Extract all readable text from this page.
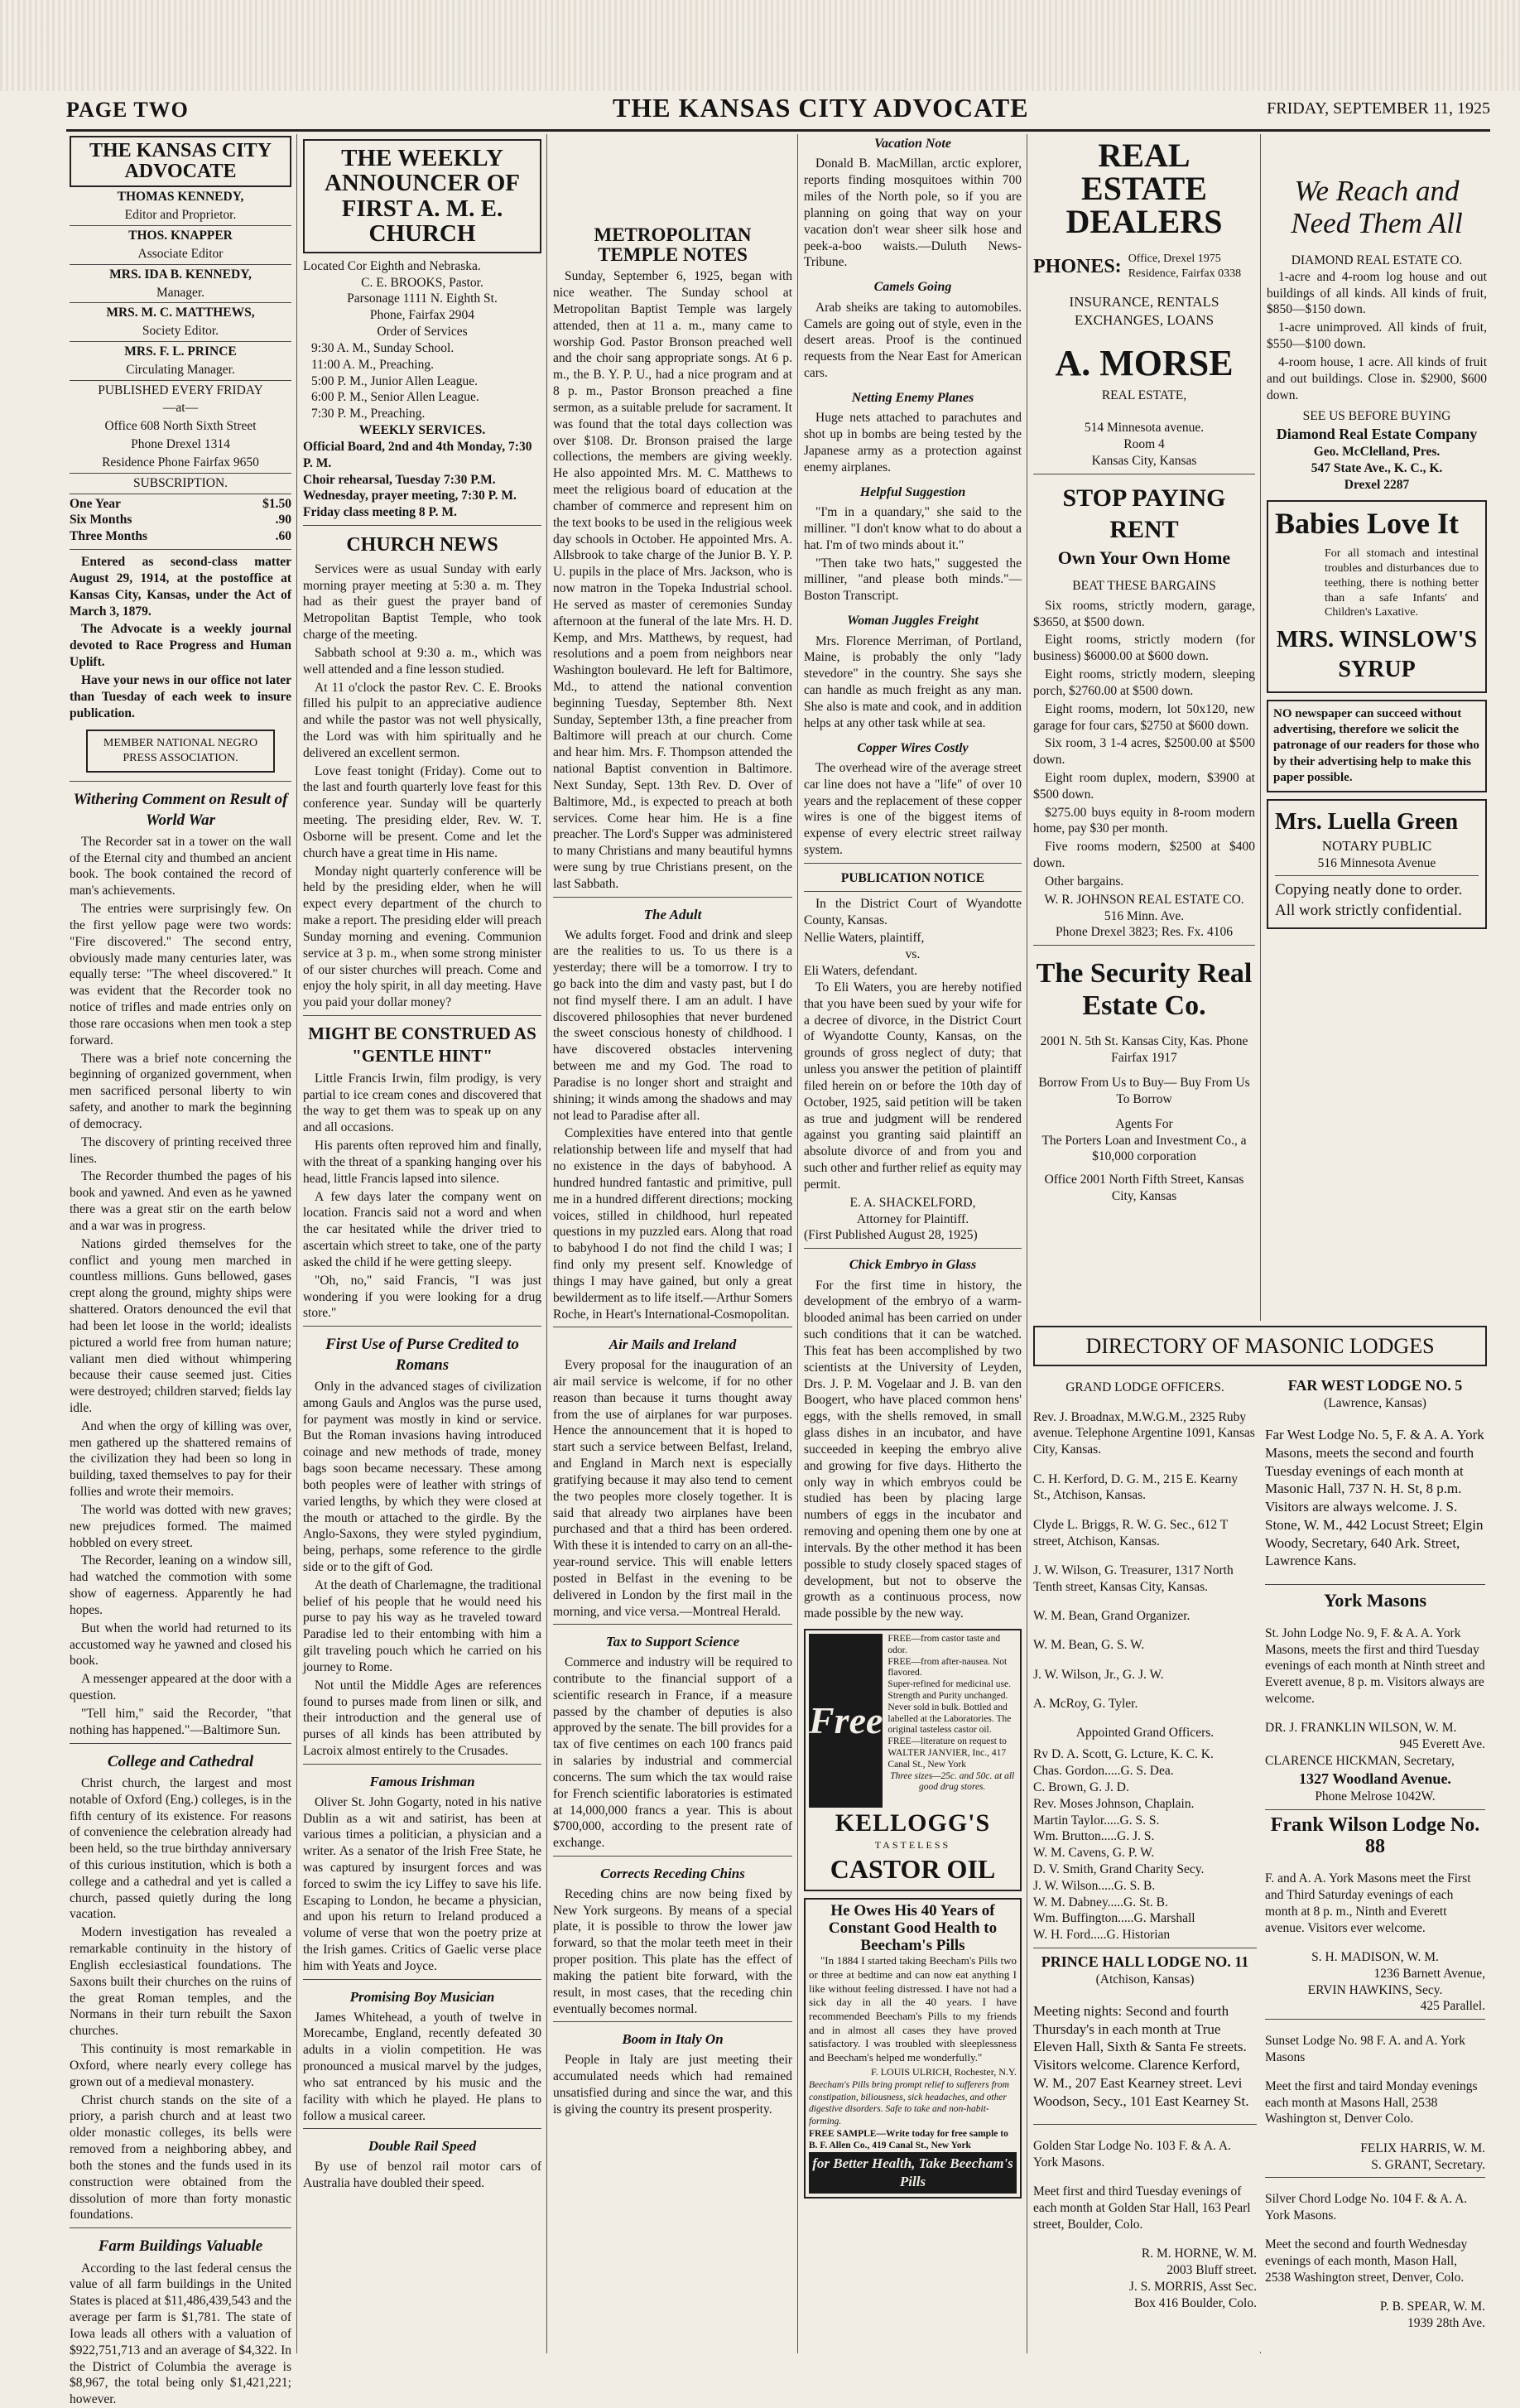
PAGE TWO	THE KANSAS CITY ADVOCATE	FRIDAY, SEPTEMBER 11, 1925
THE KANSAS CITY ADVOCATE
THOMAS KENNEDY,
Editor and Proprietor.
THOS. KNAPPER
Associate Editor
MRS. IDA B. KENNEDY,
Manager.
MRS. M. C. MATTHEWS,
Society Editor.
MRS. F. L. PRINCE
Circulating Manager.
PUBLISHED EVERY FRIDAY
—at—
Office 608 North Sixth Street
Phone Drexel 1314
Residence Phone Fairfax 9650
SUBSCRIPTION.
One Year	$1.50
Six Months	.90
Three Months	.60

Entered as second-class matter August 29, 1914, at the postoffice at Kansas City, Kansas, under the Act of March 3, 1879.

The Advocate is a weekly journal devoted to Race Progress and Human Uplift.

Have your news in our office not later than Tuesday of each week to insure publication.

MEMBER NATIONAL NEGRO PRESS ASSOCIATION.
Withering Comment on Result of World War

The Recorder sat in a tower on the wall of the Eternal city and thumbed an ancient book. The book contained the record of man's achievements.

The entries were surprisingly few. On the first yellow page were two words: "Fire discovered." The second entry, obviously made many centuries later, was equally terse: "The wheel discovered." It was evident that the Recorder took no notice of trifles and made entries only on those rare occasions when men took a step forward.

There was a brief note concerning the beginning of organized government, when men sacrificed personal liberty to win safety, and another to mark the beginning of democracy.

The discovery of printing received three lines.

The Recorder thumbed the pages of his book and yawned. And even as he yawned there was a great stir on the earth below and a war was in progress.

Nations girded themselves for the conflict and young men marched in countless millions. Guns bellowed, gases crept along the ground, mighty ships were shattered. Orators denounced the evil that had been let loose in the world; idealists pictured a world free from human nature; valiant men died without whimpering because their cause seemed just. Cities were destroyed; children starved; fields lay idle.

And when the orgy of killing was over, men gathered up the shattered remains of the civilization they had been so long in building, taxed themselves to pay for their follies and wrote their memoirs.

The world was dotted with new graves; new prejudices formed. The maimed hobbled on every street.

The Recorder, leaning on a window sill, had watched the commotion with some show of eagerness. Apparently he had hopes.

But when the world had returned to its accustomed way he yawned and closed his book.

A messenger appeared at the door with a question.

"Tell him," said the Recorder, "that nothing has happened."—Baltimore Sun.

College and Cathedral

Christ church, the largest and most notable of Oxford (Eng.) colleges, is in the fifth century of its existence. For reasons of convenience the celebration already had been held, so the true birthday anniversary of this curious institution, which is both a college and a cathedral and yet is called a church, passed quietly during the long vacation.

Modern investigation has revealed a remarkable continuity in the history of English ecclesiastical foundations. The Saxons built their churches on the ruins of the great Roman temples, and the Normans in their turn rebuilt the Saxon churches.

This continuity is most remarkable in Oxford, where nearly every college has grown out of a medieval monastery.

Christ church stands on the site of a priory, a parish church and at least two older monastic colleges, its bells were removed from a neighboring abbey, and both the stones and the funds used in its construction were obtained from the dissolution of more than forty monastic foundations.

Farm Buildings Valuable

According to the last federal census the value of all farm buildings in the United States is placed at $11,486,439,543 and the average per farm is $1,781. The state of Iowa leads all others with a valuation of $922,751,713 and an average of $4,322. In the District of Columbia the average is $8,967, the total being only $1,421,221; however.

THE WEEKLY ANNOUNCER OF FIRST A. M. E. CHURCH
Located Cor Eighth and Nebraska.
C. E. BROOKS, Pastor.
Parsonage 1111 N. Eighth St.
Phone, Fairfax 2904
Order of Services
9:30 A. M., Sunday School.
11:00 A. M., Preaching.
5:00 P. M., Junior Allen League.
6:00 P. M., Senior Allen League.
7:30 P. M., Preaching.
WEEKLY SERVICES.
Official Board, 2nd and 4th Monday, 7:30 P. M.
Choir rehearsal, Tuesday 7:30 P.M. Wednesday, prayer meeting, 7:30 P. M. Friday class meeting 8 P. M.
CHURCH NEWS

Services were as usual Sunday with early morning prayer meeting at 5:30 a. m. They had as their guest the prayer band of Metropolitan Baptist Temple, who took charge of the meeting.

Sabbath school at 9:30 a. m., which was well attended and a fine lesson studied.

At 11 o'clock the pastor Rev. C. E. Brooks filled his pulpit to an appreciative audience and while the pastor was not well physically, the Lord was with him spiritually and he delivered an excellent sermon.

Love feast tonight (Friday). Come out to the last and fourth quarterly love feast for this conference year. Sunday will be quarterly meeting. The presiding elder, Rev. W. T. Osborne will be present. Come and let the church have a great time in His name.

Monday night quarterly conference will be held by the presiding elder, when he will expect every department of the church to make a report. The presiding elder will preach Sunday morning and evening. Communion service at 3 p. m., when some strong minister of our sister churches will preach. Come and enjoy the holy spirit, in all day meeting. Have you paid your dollar money?

MIGHT BE CONSTRUED AS "GENTLE HINT"

Little Francis Irwin, film prodigy, is very partial to ice cream cones and discovered that the way to get them was to speak up on any and all occasions.

His parents often reproved him and finally, with the threat of a spanking hanging over his head, little Francis lapsed into silence.

A few days later the company went on location. Francis said not a word and when the car hesitated while the driver tried to ascertain which street to take, one of the party asked the child if he were getting sleepy.

"Oh, no," said Francis, "I was just wondering if you were looking for a drug store."

First Use of Purse Credited to Romans

Only in the advanced stages of civilization among Gauls and Anglos was the purse used, for payment was mostly in kind or service. But the Roman invasions having introduced coinage and new methods of trade, money bags soon became necessary. These among both peoples were of leather with strings of varied lengths, by which they were closed at the mouth or attached to the girdle. By the Anglo-Saxons, they were styled pygindium, being, perhaps, some reference to the girdle side or to the gift of God.

At the death of Charlemagne, the traditional belief of his people that he would need his purse to pay his way as he traveled toward Paradise led to their entombing with him a gilt traveling pouch which he carried on his journey to Rome.

Not until the Middle Ages are references found to purses made from linen or silk, and their introduction and the general use of purses of all kinds has been attributed by Lacroix almost entirely to the Crusades.

Famous Irishman

Oliver St. John Gogarty, noted in his native Dublin as a wit and satirist, has been at various times a politician, a physician and a writer. As a senator of the Irish Free State, he was captured by insurgent forces and was forced to swim the icy Liffey to save his life. Escaping to London, he became a physician, and upon his return to Ireland produced a volume of verse that won the poetry prize at the Irish games. Critics of Gaelic verse place him with Yeats and Joyce.

Promising Boy Musician

James Whitehead, a youth of twelve in Morecambe, England, recently defeated 30 adults in a violin competition. He was pronounced a musical marvel by the judges, who sat entranced by his music and the facility with which he played. He plans to follow a musical career.

Double Rail Speed

By use of benzol rail motor cars of Australia have doubled their speed.

METROPOLITAN TEMPLE NOTES

Sunday, September 6, 1925, began with nice weather. The Sunday school at Metropolitan Baptist Temple was largely attended, then at 11 a. m., many came to worship God. Pastor Bronson preached well and the choir sang appropriate songs. At 6 p. m., the B. Y. P. U., had a nice program and at 8 p. m., Pastor Bronson preached a fine sermon, as a suitable prelude for sacrament. It was found that the total days collection was over $108. Dr. Bronson praised the large collections, the members are giving weekly. He also appointed Mrs. M. C. Matthews to meet the religious board of education at the chamber of commerce and represent him on the text books to be used in the religious week day schools in October. He appointed Mrs. A. Allsbrook to take charge of the Junior B. Y. P. U. pupils in the place of Mrs. Jackson, who is now matron in the Topeka Industrial school. He served as master of ceremonies Sunday afternoon at the funeral of the late Mrs. H. D. Kemp, and Mrs. Matthews, by request, had resolutions and a poem from neighbors near Washington boulevard. He left for Baltimore, Md., to attend the national convention beginning Tuesday, September 8th. Next Sunday, September 13th, a fine preacher from Baltimore will preach at our church. Come and hear him. Mrs. F. Thompson attended the national Baptist convention in Baltimore. Next Sunday, Sept. 13th Rev. D. Over of Baltimore, Md., is expected to preach at both services. Come hear him. He is a fine preacher. The Lord's Supper was administered to many Christians and many beautiful hymns were sung by true Christians present, on the last Sabbath.

The Adult

We adults forget. Food and drink and sleep are the realities to us. To us there is a yesterday; there will be a tomorrow. I try to go back into the dim and vasty past, but I do not find myself there. I am an adult. I have discovered philosophies that never burdened the sweet conscious honesty of childhood. I have discovered obstacles intervening between me and my God. The road to Paradise is no longer short and straight and shining; it winds among the shadows and may not lead to Paradise after all.

Complexities have entered into that gentle relationship between life and myself that had no existence in the days of babyhood. A hundred hundred fantastic and primitive, pull me in a hundred different directions; mocking voices, stilled in childhood, hurl repeated questions in my puzzled ears. Along that road to babyhood I do not find the child I was; I find only my present self. Knowledge of things I may have gained, but only a great bewilderment as to life itself.—Arthur Somers Roche, in Heart's International-Cosmopolitan.

Air Mails and Ireland

Every proposal for the inauguration of an air mail service is welcome, if for no other reason than because it turns thought away from the use of airplanes for war purposes. Hence the announcement that it is hoped to start such a service between Belfast, Ireland, and England in March next is especially gratifying because it may also tend to cement the two peoples more closely together. It is said that already two airplanes have been purchased and that a third has been ordered. With these it is intended to carry on an all-the-year-round service. This will enable letters posted in Belfast in the evening to be delivered in London by the first mail in the morning, and vice versa.—Montreal Herald.

Tax to Support Science

Commerce and industry will be required to contribute to the financial support of a scientific research in France, if a measure passed by the chamber of deputies is also approved by the senate. The bill provides for a tax of five centimes on each 100 francs paid in salaries by industrial and commercial concerns. The sum which the tax would raise for French scientific laboratories is estimated at 14,000,000 francs a year. This is about $700,000, according to the present rate of exchange.

Corrects Receding Chins

Receding chins are now being fixed by New York surgeons. By means of a special plate, it is possible to throw the lower jaw forward, so that the molar teeth meet in their proper position. This plate has the effect of making the patient bite forward, with the result, in most cases, that the receding chin eventually becomes normal.

Boom in Italy On

People in Italy are just meeting their accumulated needs which had remained unsatisfied during and since the war, and this is giving the country its present prosperity.

Vacation Note

Donald B. MacMillan, arctic explorer, reports finding mosquitoes within 700 miles of the North pole, so if you are planning on going that way on your vacation don't wear sheer silk hose and peek-a-boo waists.—Duluth News-Tribune.

Camels Going

Arab sheiks are taking to automobiles. Camels are going out of style, even in the desert areas. Proof is the continued requests from the Near East for American cars.

Netting Enemy Planes

Huge nets attached to parachutes and shot up in bombs are being tested by the Japanese army as a protection against enemy airplanes.

Helpful Suggestion

"I'm in a quandary," she said to the milliner. "I don't know what to do about a hat. I'm of two minds about it."

"Then take two hats," suggested the milliner, "and please both minds."—Boston Transcript.

Woman Juggles Freight

Mrs. Florence Merriman, of Portland, Maine, is probably the only "lady stevedore" in the country. She says she can handle as much freight as any man. She also is mate and cook, and in addition helps at any other task while at sea.

Copper Wires Costly

The overhead wire of the average street car line does not have a "life" of over 10 years and the replacement of these copper wires is one of the biggest items of expense of every electric street railway system.

PUBLICATION NOTICE

In the District Court of Wyandotte County, Kansas.

Nellie Waters, plaintiff,
vs.
Eli Waters, defendant.

To Eli Waters, you are hereby notified that you have been sued by your wife for a decree of divorce, in the District Court of Wyandotte County, Kansas, on the grounds of gross neglect of duty; that unless you answer the petition of plaintiff filed herein on or before the 10th day of October, 1925, said petition will be taken as true and judgment will be rendered against you granting said plaintiff an absolute divorce of and from you and such other and further relief as equity may permit.

E. A. SHACKELFORD,
Attorney for Plaintiff.
(First Published August 28, 1925)
Chick Embryo in Glass

For the first time in history, the development of the embryo of a warm-blooded animal has been carried on under such conditions that it can be watched. This feat has been accomplished by two scientists at the University of Leyden, Drs. J. P. M. Vogelaar and J. B. van den Boogert, who have placed common hens' eggs, with the shells removed, in small glass dishes in an incubator, and have succeeded in keeping the embryo alive and growing for five days. Hitherto the only way in which embryos could be studied has been by placing large numbers of eggs in the incubator and removing and opening them one by one at intervals. By the other method it has been possible to study closely spaced stages of development, but not to observe the growth as a continuous process, now made possible by the new way.

Free
FREE—from castor taste and odor.
FREE—from after-nausea. Not flavored.
Super-refined for medicinal use. Strength and Purity unchanged. Never sold in bulk. Bottled and labelled at the Laboratories. The original tasteless castor oil.
FREE—literature on request to WALTER JANVIER, Inc., 417 Canal St., New York
Three sizes—25c. and 50c. at all good drug stores.
KELLOGG'S
TASTELESS
CASTOR OIL
He Owes His 40 Years of Constant Good Health to Beecham's Pills

"In 1884 I started taking Beecham's Pills two or three at bedtime and can now eat anything I like without feeling distressed. I have not had a sick day in all the 40 years. I have recommended Beecham's Pills to my friends and in almost all cases they have proved satisfactory. I was troubled with sleeplessness and Beecham's helped me wonderfully."

F. LOUIS ULRICH, Rochester, N.Y.
Beecham's Pills bring prompt relief to sufferers from constipation, biliousness, sick headaches, and other digestive disorders. Safe to take and non-habit-forming.
FREE SAMPLE—Write today for free sample to B. F. Allen Co., 419 Canal St., New York
for Better Health, Take Beecham's Pills
REAL ESTATE DEALERS
PHONES: Office, Drexel 1975
Residence, Fairfax 0338
INSURANCE, RENTALS EXCHANGES, LOANS
A. MORSE
REAL ESTATE,
514 Minnesota avenue.
Room 4
Kansas City, Kansas
STOP PAYING RENT
Own Your Own Home
BEAT THESE BARGAINS

Six rooms, strictly modern, garage, $3650, at $500 down.

Eight rooms, strictly modern (for business) $6000.00 at $600 down.

Eight rooms, strictly modern, sleeping porch, $2760.00 at $500 down.

Eight rooms, modern, lot 50x120, new garage for four cars, $2750 at $600 down.

Six room, 3 1-4 acres, $2500.00 at $500 down.

Eight room duplex, modern, $3900 at $500 down.

$275.00 buys equity in 8-room modern home, pay $30 per month.

Five rooms modern, $2500 at $400 down.

Other bargains.

W. R. JOHNSON REAL ESTATE CO.
516 Minn. Ave.
Phone Drexel 3823; Res. Fx. 4106
The Security Real Estate Co.
2001 N. 5th St. Kansas City, Kas. Phone Fairfax 1917
Borrow From Us to Buy— Buy From Us To Borrow
Agents For
The Porters Loan and Investment Co., a $10,000 corporation
Office 2001 North Fifth Street, Kansas City, Kansas
We Reach and Need Them All
DIAMOND REAL ESTATE CO.

1-acre and 4-room log house and out buildings of all kinds. All kinds of fruit, $850—$150 down.

1-acre unimproved. All kinds of fruit, $550—$100 down.

4-room house, 1 acre. All kinds of fruit and out buildings. Close in. $2900, $600 down.

SEE US BEFORE BUYING
Diamond Real Estate Company
Geo. McClelland, Pres.
547 State Ave., K. C., K.
Drexel 2287
Babies Love It

For all stomach and intestinal troubles and disturbances due to teething, there is nothing better than a safe Infants' and Children's Laxative.

MRS. WINSLOW'S SYRUP
NO newspaper can succeed without advertising, therefore we solicit the patronage of our readers for those who by their advertising help to make this paper possible.
Mrs. Luella Green
NOTARY PUBLIC
516 Minnesota Avenue
Copying neatly done to order. All work strictly confidential.
DIRECTORY OF MASONIC LODGES
GRAND LODGE OFFICERS.

Rev. J. Broadnax, M.W.G.M., 2325 Ruby avenue. Telephone Argentine 1091, Kansas City, Kansas.

C. H. Kerford, D. G. M., 215 E. Kearny St., Atchison, Kansas.

Clyde L. Briggs, R. W. G. Sec., 612 T street, Atchison, Kansas.

J. W. Wilson, G. Treasurer, 1317 North Tenth street, Kansas City, Kansas.

W. M. Bean, Grand Organizer.

W. M. Bean, G. S. W.

J. W. Wilson, Jr., G. J. W.

A. McRoy, G. Tyler.

Appointed Grand Officers.
Rv D. A. Scott, G. Lcture, K. C. K.
Chas. Gordon.....G. S. Dea.
C. Brown, G. J. D.
Rev. Moses Johnson, Chaplain.
Martin Taylor.....G. S. S.
Wm. Brutton.....G. J. S.
W. M. Cavens, G. P. W.
D. V. Smith, Grand Charity Secy.
J. W. Wilson.....G. S. B.
W. M. Dabney.....G. St. B.
Wm. Buffington.....G. Marshall
W. H. Ford.....G. Historian
PRINCE HALL LODGE NO. 11
(Atchison, Kansas)

Meeting nights: Second and fourth Thursday's in each month at True Eleven Hall, Sixth & Santa Fe streets. Visitors welcome. Clarence Kerford, W. M., 207 East Kearney street. Levi Woodson, Secy., 101 East Kearney St.

Golden Star Lodge No. 103 F. & A. A. York Masons.

Meet first and third Tuesday evenings of each month at Golden Star Hall, 163 Pearl street, Boulder, Colo.

R. M. HORNE, W. M.
2003 Bluff street.
J. S. MORRIS, Asst Sec.
Box 416 Boulder, Colo.
FAR WEST LODGE NO. 5
(Lawrence, Kansas)

Far West Lodge No. 5, F. & A. A. York Masons, meets the second and fourth Tuesday evenings of each month at Masonic Hall, 737 N. H. St, 8 p.m. Visitors are always welcome. J. S. Stone, W. M., 442 Locust Street; Elgin Woody, Secretary, 640 Ark. Street, Lawrence Kans.

York Masons

St. John Lodge No. 9, F. & A. A. York Masons, meets the first and third Tuesday evenings of each month at Ninth street and Everett avenue, 8 p. m. Visitors always are welcome.

DR. J. FRANKLIN WILSON, W. M.
945 Everett Ave.
CLARENCE HICKMAN, Secretary,
1327 Woodland Avenue.
Phone Melrose 1042W.
Frank Wilson Lodge No. 88

F. and A. A. York Masons meet the First and Third Saturday evenings of each month at 8 p. m., Ninth and Everett avenue. Visitors ever welcome.

S. H. MADISON, W. M.
1236 Barnett Avenue,
ERVIN HAWKINS, Secy.
425 Parallel.

Sunset Lodge No. 98 F. A. and A. York Masons

Meet the first and taird Monday evenings each month at Masons Hall, 2538 Washington st, Denver Colo.

FELIX HARRIS, W. M.
S. GRANT, Secretary.

Silver Chord Lodge No. 104 F. & A. A. York Masons.

Meet the second and fourth Wednesday evenings of each month, Mason Hall, 2538 Washington street, Denver, Colo.

P. B. SPEAR, W. M.
1939 28th Ave.
